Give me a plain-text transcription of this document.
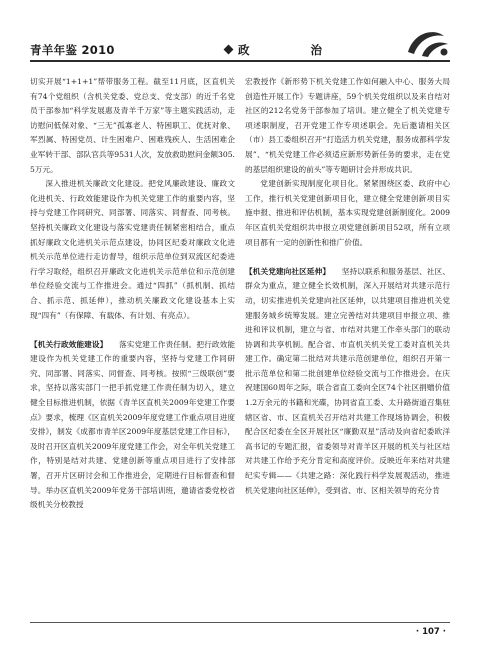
青羊年鉴 2010	政	治

切实开展“1+1+1”帮带服务工程。截至11月底，区直机关有74个党组织（含机关党委、党总支、党支部）的近千名党员干部参加“科学发展惠及青羊千万家”等主题实践活动，走访慰问低保对象、“三无”孤寡老人、特困职工、优抚对象、军烈属、特困党员、计生困难户、困难残疾人、生活困难企业军转干部、部队官兵等9531人次，发放救助慰问金额305.5万元。

深入推进机关廉政文化建设。把党风廉政建设、廉政文化进机关、行政效能建设作为机关党建工作的重要内容，坚持与党建工作同研究、同部署、同落实、同督查、同考核。坚持机关廉政文化建设与落实党建责任制紧密相结合，重点抓好廉政文化进机关示范点建设，协同区纪委对廉政文化进机关示范单位进行走访督导，组织示范单位到双流区纪委进行学习取经，组织召开廉政文化进机关示范单位和示范创建单位经验交流与工作推进会。通过“四抓”（抓机制、抓结合、抓示范、抓延伸），推动机关廉政文化建设基本上实现“四有”（有保障、有载体、有计划、有亮点）。

【机关行政效能建设】　　 落实党建工作责任制。把行政效能建设作为机关党建工作的重要内容，坚持与党建工作同研究、同部署、同落实、同督查、同考核。按照“三级联创”要求，坚持以落实部门一把手抓党建工作责任制为切入，建立健全目标推进机制，依据《青羊区直机关2009年党建工作要点》要求，梳理《区直机关2009年度党建工作重点项目进度安排》，制发《成都市青羊区2009年度基层党建工作目标》，及时召开区直机关2009年度党建工作会，对全年机关党建工作，特别是结对共建、党建创新等重点项目进行了安排部署，召开片区研讨会和工作推进会，定期进行目标督查和督导。举办区直机关2009年党务干部培训班，邀请省委党校省级机关分校教授

宏教授作《新形势下机关党建工作如何融入中心、服务大局创造性开展工作》专题讲座，59个机关党组织以及来自结对社区的212名党务干部参加了培训。建立健全了机关党建专项述职制度，召开党建工作专项述职会。先后邀请相关区（市）县工委组织召开“打造活力机关党建，服务成都科学发展”、“机关党建工作必须适应新形势新任务的要求，走在党的基层组织建设的前头”等专题研讨会并形成共识。

党建创新实现制度化项目化。紧紧围绕区委、政府中心工作，推行机关党建创新项目化，建立健全党建创新项目实施申报、推进和评估机制，基本实现党建创新制度化。2009年区直机关党组织共申报立项党建创新项目52项，所有立项项目都有一定的创新性和推广价值。

【机关党建向社区延伸】　　 坚持以联系和服务基层、社区、群众为重点，建立健全长效机制，深入开展结对共建示范行动，切实推进机关党建向社区延伸，以共建项目推进机关党建服务城乡统筹发展。建立完善结对共建项目申报立项、推进和评议机制，建立与省、市结对共建工作牵头部门的联动协调和共享机制。配合省、市直机关机关党工委对直机关共建工作。确定第二批结对共建示范创建单位，组织召开第一批示范单位和第二批创建单位经验交流与工作推进会。在庆祝建国60周年之际，联合省直工委向全区74个社区捐赠价值1.2万余元的书籍和光碟，协同省直工委、太升路街道召集驻辖区省、市、区直机关召开结对共建工作现场协调会，积极配合区纪委在全区开展社区“廉勤双星”活动及向省纪委欧洋高书记的专题汇报，省委领导对青羊区开展的机关与社区结对共建工作给予充分肯定和高度评价。反映近年来结对共建纪实专辑——《共建之路：深化践行科学发展观活动，推进机关党建向社区延伸》，受到省、市、区相关领导的充分肯

· 107 ·
